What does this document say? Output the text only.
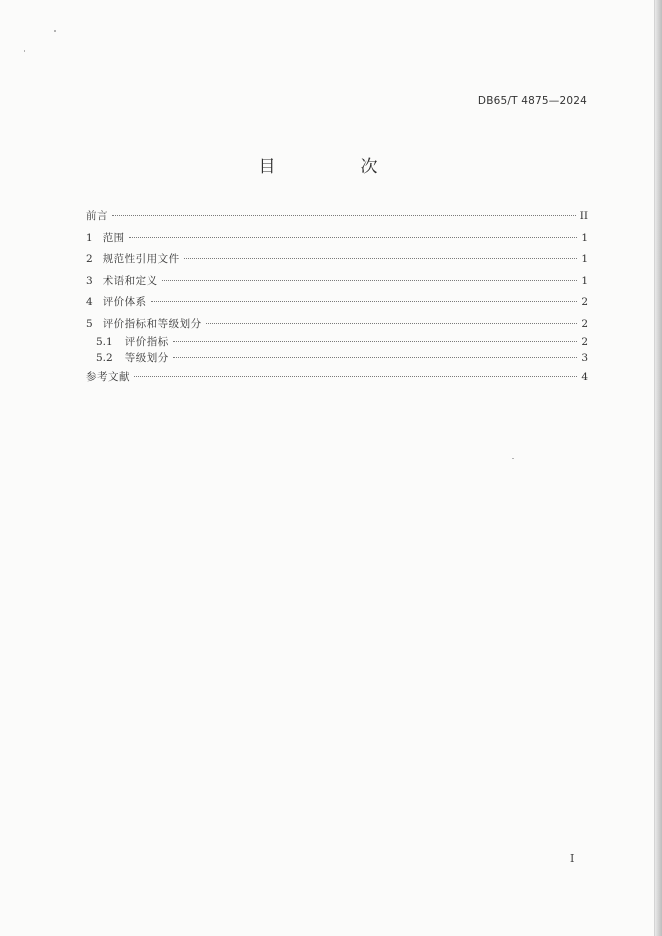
DB65/T 4875—2024
目　次
前言	II
1 范围	1
2 规范性引用文件	1
3 术语和定义	1
4 评价体系	2
5 评价指标和等级划分	2
5.1 评价指标	2
5.2 等级划分	3
参考文献	4
I
